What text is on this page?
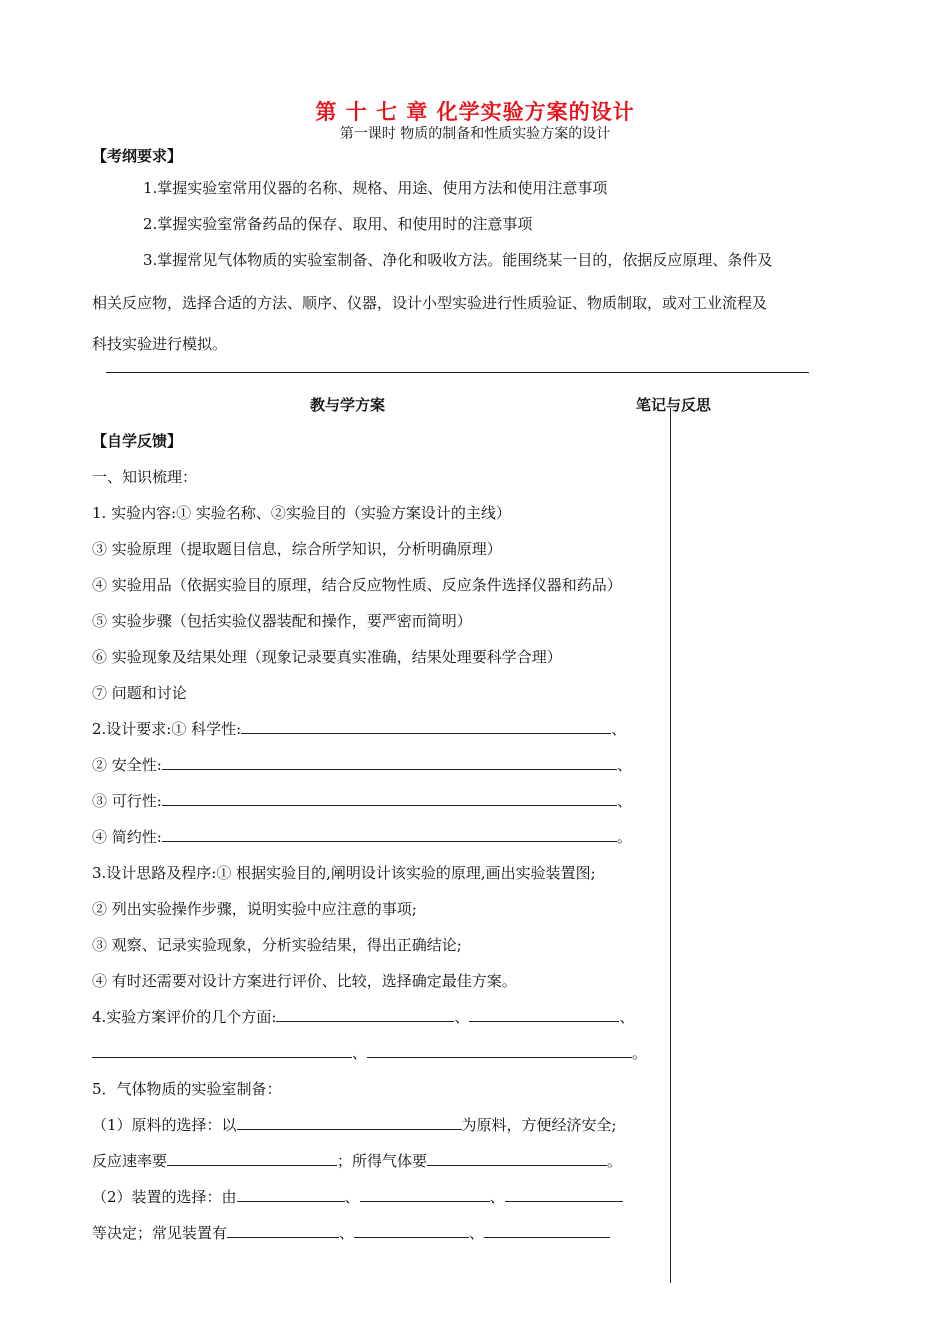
第 十 七 章 化学实验方案的设计
第一课时 物质的制备和性质实验方案的设计
【考纲要求】
1.掌握实验室常用仪器的名称、规格、用途、使用方法和使用注意事项
2.掌握实验室常备药品的保存、取用、和使用时的注意事项
3.掌握常见气体物质的实验室制备、净化和吸收方法。能围绕某一目的，依据反应原理、条件及
相关反应物，选择合适的方法、顺序、仪器，设计小型实验进行性质验证、物质制取，或对工业流程及
科技实验进行模拟。
教与学方案	笔记与反思
【自学反馈】
一、知识梳理：
1. 实验内容:① 实验名称、②实验目的（实验方案设计的主线）
③ 实验原理（提取题目信息，综合所学知识，分析明确原理）
④ 实验用品（依据实验目的原理，结合反应物性质、反应条件选择仪器和药品）
⑤ 实验步骤（包括实验仪器装配和操作，要严密而简明）
⑥ 实验现象及结果处理（现象记录要真实准确，结果处理要科学合理）
⑦ 问题和讨论
2.设计要求:① 科学性:	、
② 安全性:	、
③ 可行性:	、
④ 简约性:	。
3.设计思路及程序:① 根据实验目的,阐明设计该实验的原理,画出实验装置图;
② 列出实验操作步骤，说明实验中应注意的事项;
③ 观察、记录实验现象，分析实验结果，得出正确结论;
④ 有时还需要对设计方案进行评价、比较，选择确定最佳方案。
4.实验方案评价的几个方面:	、	、
、	。
5．气体物质的实验室制备：
（1）原料的选择：以	为原料，方便经济安全;
反应速率要	；所得气体要	。
（2）装置的选择：由	、	、
等决定；常见装置有	、	、
